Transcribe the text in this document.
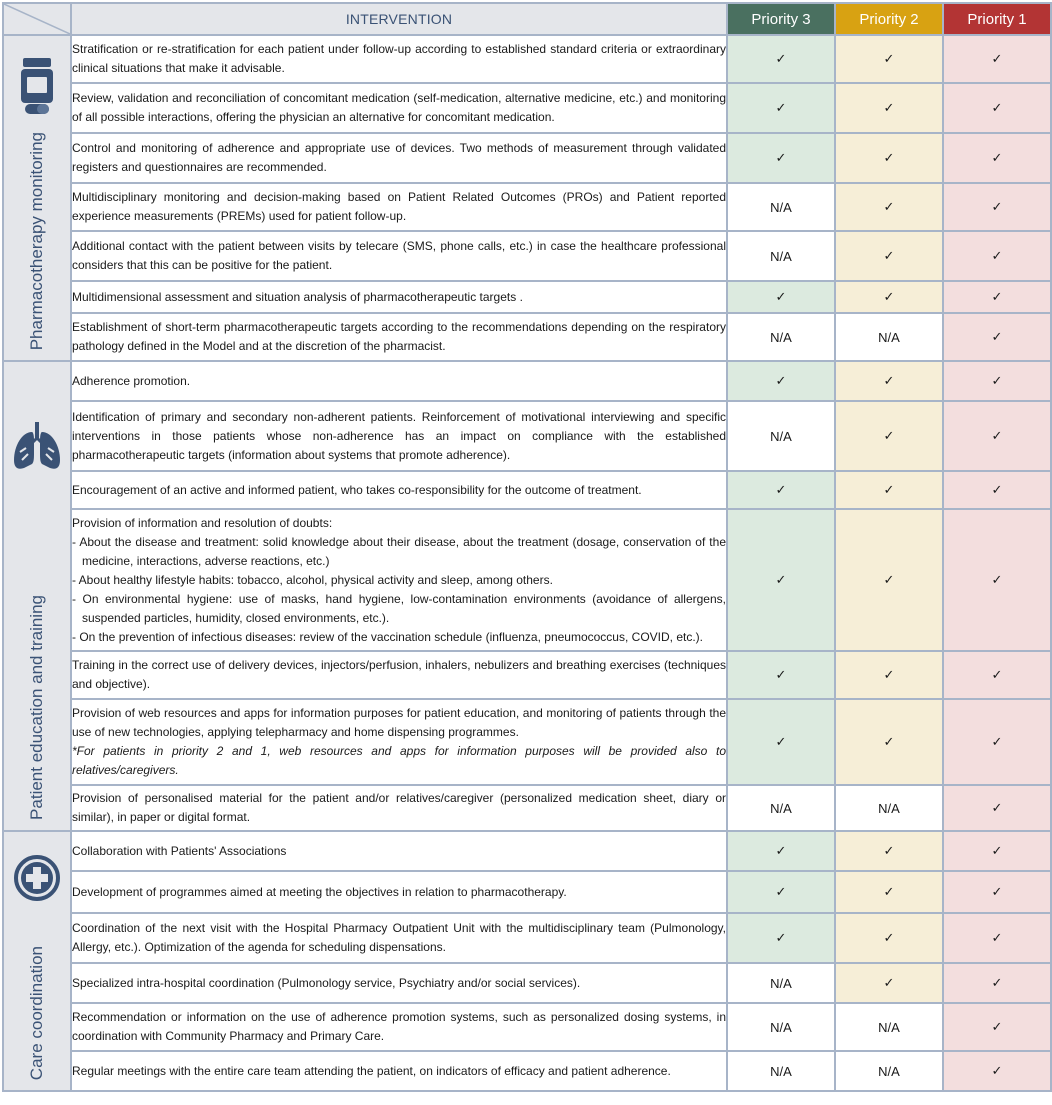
	INTERVENTION	Priority 3	Priority 2	Priority 1

Pharmacotherapy monitoring	Stratification or re-stratification for each patient under follow-up according to established standard criteria or extraordinary clinical situations that make it advisable.	✓	✓	✓

	Review, validation and reconciliation of concomitant medication (self-medication, alternative medicine, etc.) and monitoring of all possible interactions, offering the physician an alternative for concomitant medication.	✓	✓	✓

	Control and monitoring of adherence and appropriate use of devices. Two methods of measurement through validated registers and questionnaires are recommended.	✓	✓	✓

	Multidisciplinary monitoring and decision-making based on Patient Related Outcomes (PROs) and Patient reported experience measurements (PREMs) used for patient follow-up.	N/A	✓	✓

	Additional contact with the patient between visits by telecare (SMS, phone calls, etc.) in case the healthcare professional considers that this can be positive for the patient.	N/A	✓	✓

	Multidimensional assessment and situation analysis of pharmacotherapeutic targets .	✓	✓	✓

	Establishment of short-term pharmacotherapeutic targets according to the recommendations depending on the respiratory pathology defined in the Model and at the discretion of the pharmacist.	N/A	N/A	✓

Patient education and training	Adherence promotion.	✓	✓	✓

	Identification of primary and secondary non-adherent patients. Reinforcement of motivational interviewing and specific interventions in those patients whose non-adherence has an impact on compliance with the established pharmacotherapeutic targets (information about systems that promote adherence).	N/A	✓	✓

	Encouragement of an active and informed patient, who takes co-responsibility for the outcome of treatment.	✓	✓	✓

	Provision of information and resolution of doubts:
- About the disease and treatment: solid knowledge about their disease, about the treatment (dosage, conservation of the medicine, interactions, adverse reactions, etc.)
- About healthy lifestyle habits: tobacco, alcohol, physical activity and sleep, among others.
- On environmental hygiene: use of masks, hand hygiene, low-contamination environments (avoidance of allergens, suspended particles, humidity, closed environments, etc.).
- On the prevention of infectious diseases: review of the vaccination schedule (influenza, pneumococcus, COVID, etc.).	✓	✓	✓

	Training in the correct use of delivery devices, injectors/perfusion, inhalers, nebulizers and breathing exercises (techniques and objective).	✓	✓	✓

	Provision of web resources and apps for information purposes for patient education, and monitoring of patients through the use of new technologies, applying telepharmacy and home dispensing programmes.
*For patients in priority 2 and 1, web resources and apps for information purposes will be provided also to relatives/caregivers.	✓	✓	✓

	Provision of personalised material for the patient and/or relatives/caregiver (personalized medication sheet, diary or similar), in paper or digital format.	N/A	N/A	✓

Care coordination	Collaboration with Patients' Associations	✓	✓	✓

	Development of programmes aimed at meeting the objectives in relation to pharmacotherapy.	✓	✓	✓

	Coordination of the next visit with the Hospital Pharmacy Outpatient Unit with the multidisciplinary team (Pulmonology, Allergy, etc.). Optimization of the agenda for scheduling dispensations.	✓	✓	✓

	Specialized intra-hospital coordination (Pulmonology service, Psychiatry and/or social services).	N/A	✓	✓

	Recommendation or information on the use of adherence promotion systems, such as personalized dosing systems, in coordination with Community Pharmacy and Primary Care.	N/A	N/A	✓

	Regular meetings with the entire care team attending the patient, on indicators of efficacy and patient adherence.	N/A	N/A	✓
